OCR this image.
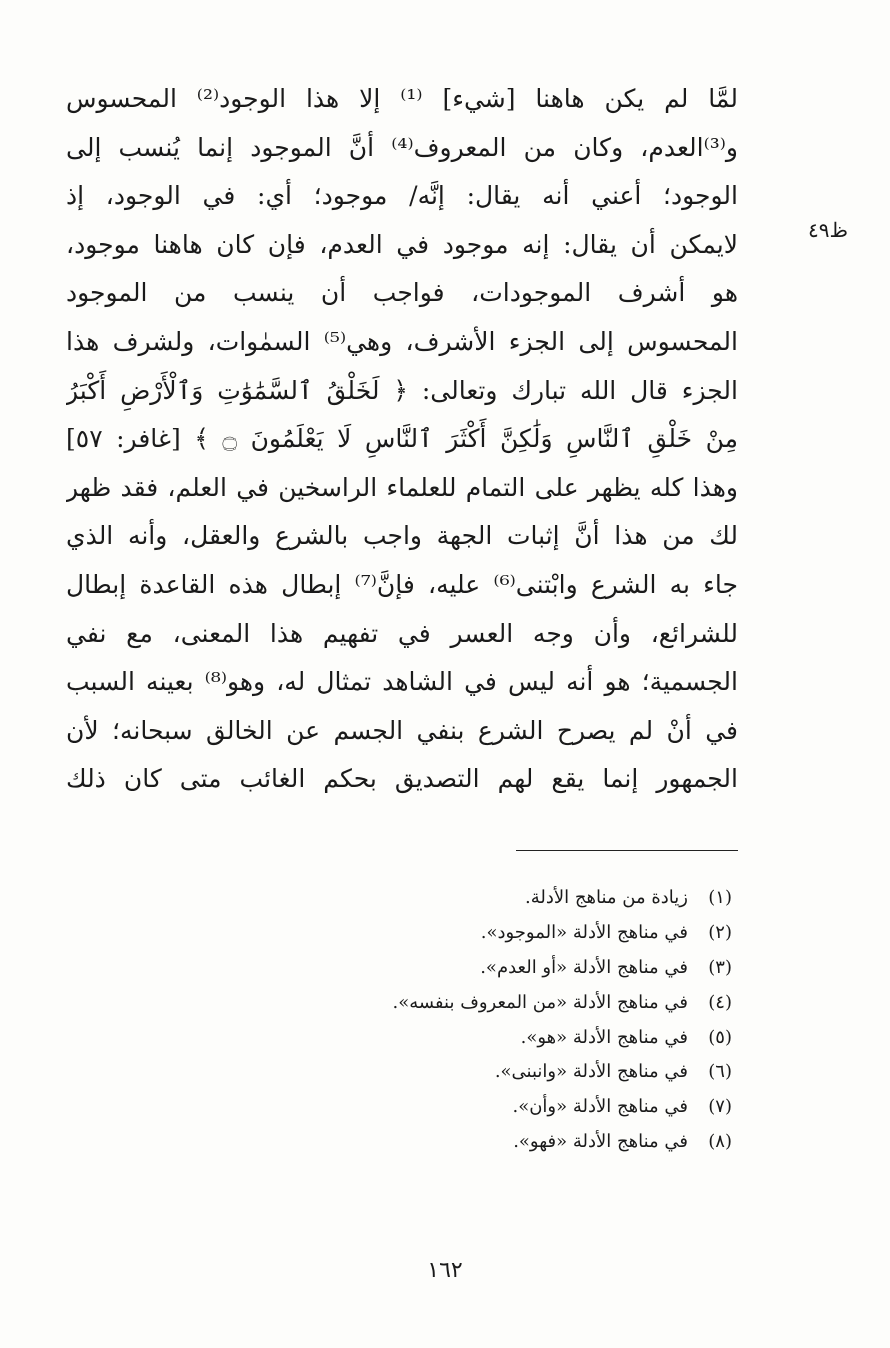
ظ٤٩
لمَّا لم يكن هاهنا [شيء] ⁽¹⁾ إلا هذا الوجود⁽²⁾ المحسوس
و⁽³⁾العدم، وكان من المعروف⁽⁴⁾ أنَّ الموجود إنما يُنسب إلى
الوجود؛ أعني أنه يقال: إنَّه/ موجود؛ أي: في الوجود، إذ
لايمكن أن يقال: إنه موجود في العدم، فإن كان هاهنا موجود،
هو أشرف الموجودات، فواجب أن ينسب من الموجود
المحسوس إلى الجزء الأشرف، وهي⁽⁵⁾ السمٰوات، ولشرف هذا
الجزء قال الله تبارك وتعالى: ﴿ لَخَلْقُ ٱلسَّمَٰوَٰتِ وَٱلْأَرْضِ أَكْبَرُ
مِنْ خَلْقِ ٱلنَّاسِ وَلَٰكِنَّ أَكْثَرَ ٱلنَّاسِ لَا يَعْلَمُونَ ۝ ﴾ [غافر: ٥٧]
وهذا كله يظهر على التمام للعلماء الراسخين في العلم، فقد ظهر
لك من هذا أنَّ إثبات الجهة واجب بالشرع والعقل، وأنه الذي
جاء به الشرع وابْتنى⁽⁶⁾ عليه، فإنَّ⁽⁷⁾ إبطال هذه القاعدة إبطال
للشرائع، وأن وجه العسر في تفهيم هذا المعنى، مع نفي
الجسمية؛ هو أنه ليس في الشاهد تمثال له، وهو⁽⁸⁾ بعينه السبب
في أنْ لم يصرح الشرع بنفي الجسم عن الخالق سبحانه؛ لأن
الجمهور إنما يقع لهم التصديق بحكم الغائب متى كان ذلك
(١)
زيادة من مناهج الأدلة.
(٢)
في مناهج الأدلة «الموجود».
(٣)
في مناهج الأدلة «أو العدم».
(٤)
في مناهج الأدلة «من المعروف بنفسه».
(٥)
في مناهج الأدلة «هو».
(٦)
في مناهج الأدلة «وانبنى».
(٧)
في مناهج الأدلة «وأن».
(٨)
في مناهج الأدلة «فهو».
١٦٢
